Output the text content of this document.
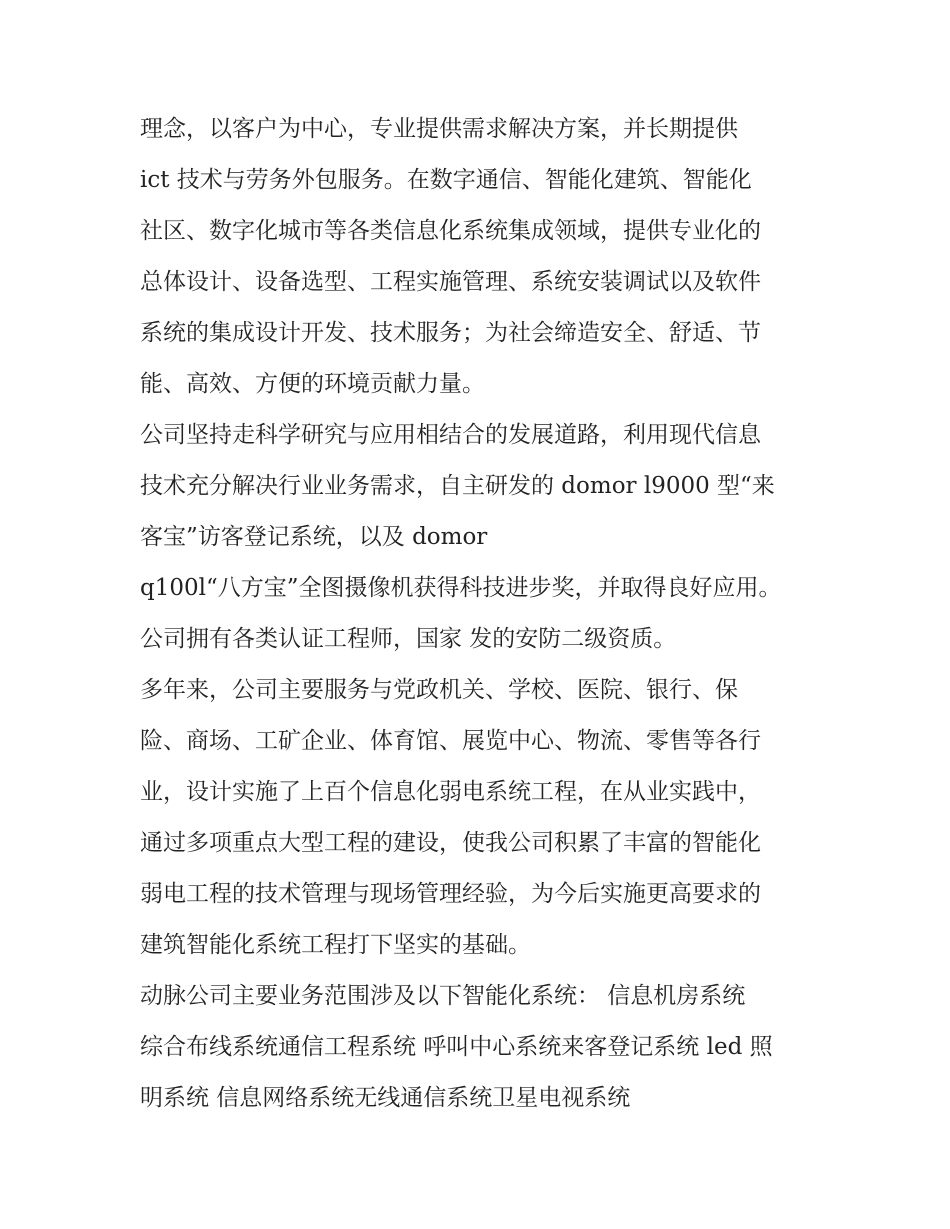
理念，以客户为中心，专业提供需求解决方案，并长期提供
ict 技术与劳务外包服务。在数字通信、智能化建筑、智能化
社区、数字化城市等各类信息化系统集成领域，提供专业化的
总体设计、设备选型、工程实施管理、系统安装调试以及软件
系统的集成设计开发、技术服务；为社会缔造安全、舒适、节
能、高效、方便的环境贡献力量。

公司坚持走科学研究与应用相结合的发展道路，利用现代信息
技术充分解决行业业务需求，自主研发的 domor l9000 型“来
客宝”访客登记系统，以及 domor
q100l“八方宝”全图摄像机获得科技进步奖，并取得良好应用。
公司拥有各类认证工程师，国家 发的安防二级资质。

多年来，公司主要服务与党政机关、学校、医院、银行、保
险、商场、工矿企业、体育馆、展览中心、物流、零售等各行
业，设计实施了上百个信息化弱电系统工程，在从业实践中，
通过多项重点大型工程的建设，使我公司积累了丰富的智能化
弱电工程的技术管理与现场管理经验，为今后实施更高要求的
建筑智能化系统工程打下坚实的基础。

动脉公司主要业务范围涉及以下智能化系统： 信息机房系统
综合布线系统通信工程系统 呼叫中心系统来客登记系统 led 照
明系统 信息网络系统无线通信系统卫星电视系统
